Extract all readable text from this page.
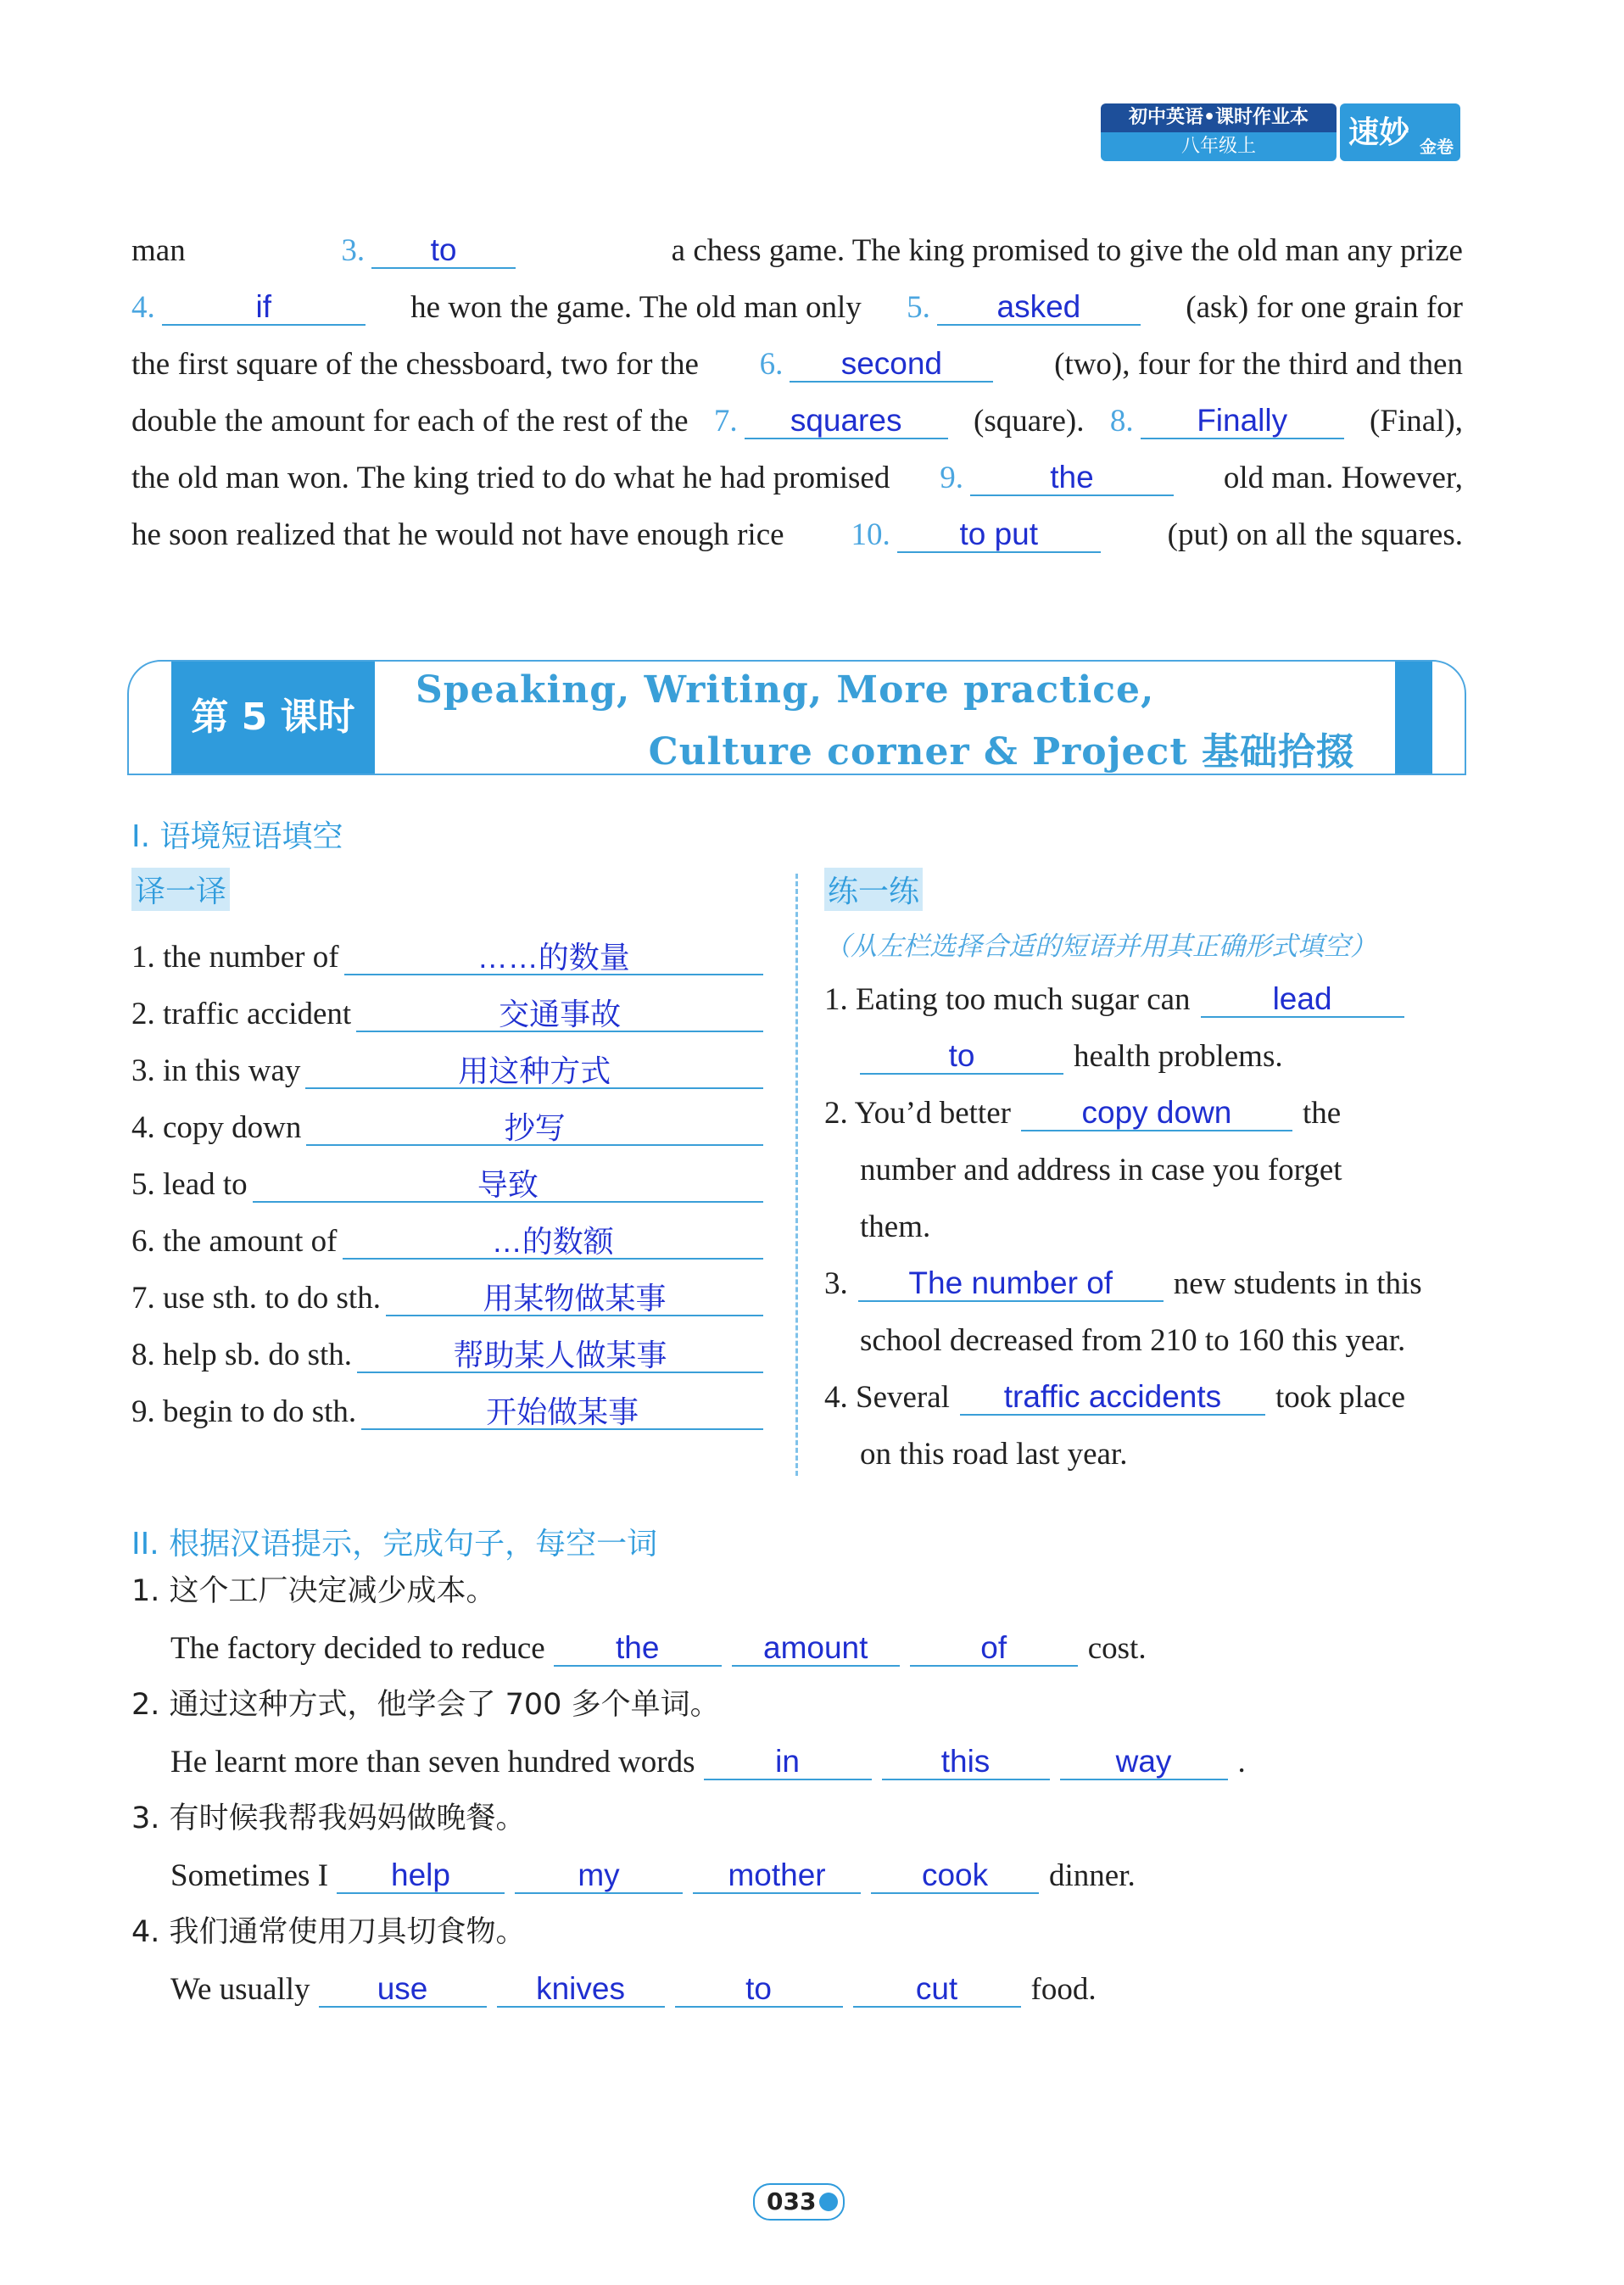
初中英语•课时作业本
八年级上	速妙 金卷
man	3. to	a chess game. The king promised to give the old man any prize
4.	if	he won the game. The old man only 5. asked	(ask) for one grain for
the first square of the chessboard, two for the 6. second	(two), four for the third and then
double the amount for each of the rest of the 7. squares	(square). 8. Finally	(Final),
the old man won. The king tried to do what he had promised 9.	the	old man. However,
he soon realized that he would not have enough rice 10. to put	(put) on all the squares.
第 5 课时
Speaking, Writing, More practice,
Culture corner & Project 基础拾掇
I. 语境短语填空
译一译	练一练
（从左栏选择合适的短语并用其正确形式填空）
1. the number of	……的数量
2. traffic accident	交通事故
3. in this way	用这种方式
4. copy down	抄写
5. lead to	导致
6. the amount of	…的数额
7. use sth. to do sth.	用某物做某事
8. help sb. do sth.	帮助某人做某事
9. begin to do sth.	开始做某事
1. Eating too much sugar can	lead
to	health problems.
2. You’d better	copy down	the
number and address in case you forget
them.
3.	The number of	new students in this
school decreased from 210 to 160 this year.
4. Several	traffic accidents	took place
on this road last year.
II. 根据汉语提示，完成句子，每空一词
1. 这个工厂决定减少成本。
The factory decided to reduce	the	amount	of	cost.
2. 通过这种方式，他学会了 700 多个单词。
He learnt more than seven hundred words	in	this	way	.
3. 有时候我帮我妈妈做晚餐。
Sometimes I	help	my	mother	cook	dinner.
4. 我们通常使用刀具切食物。
We usually	use	knives	to	cut	food.
033
